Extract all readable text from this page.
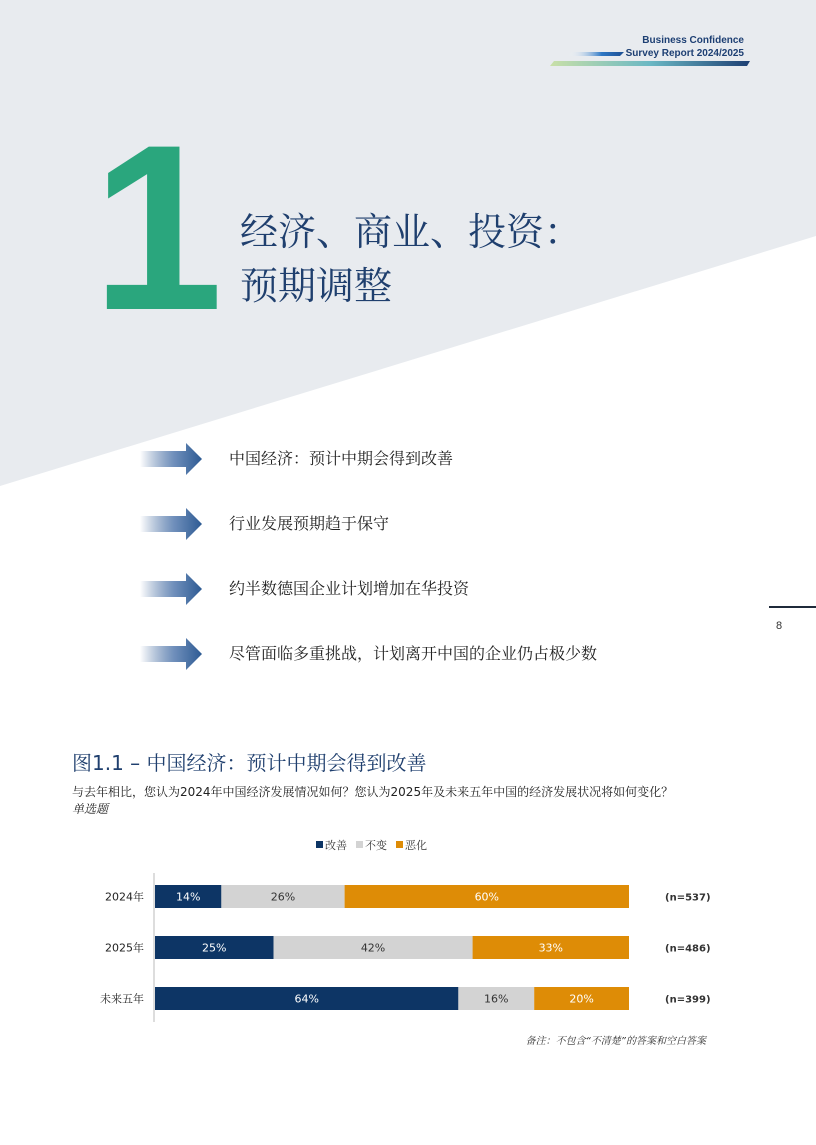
Business Confidence
Survey Report 2024/2025
1 经济、商业、投资：
预期调整
中国经济：预计中期会得到改善
行业发展预期趋于保守
约半数德国企业计划增加在华投资
尽管面临多重挑战，计划离开中国的企业仍占极少数
8
图1.1 – 中国经济：预计中期会得到改善
与去年相比，您认为2024年中国经济发展情况如何？您认为2025年及未来五年中国的经济发展状况将如何变化？
单选题
改善 不变 恶化
2024年	14%	26%	60%	(n=537)
2025年	25%	42%	33%	(n=486)
未来五年	64%	16%	20%	(n=399)
备注：不包含“不清楚”的答案和空白答案
